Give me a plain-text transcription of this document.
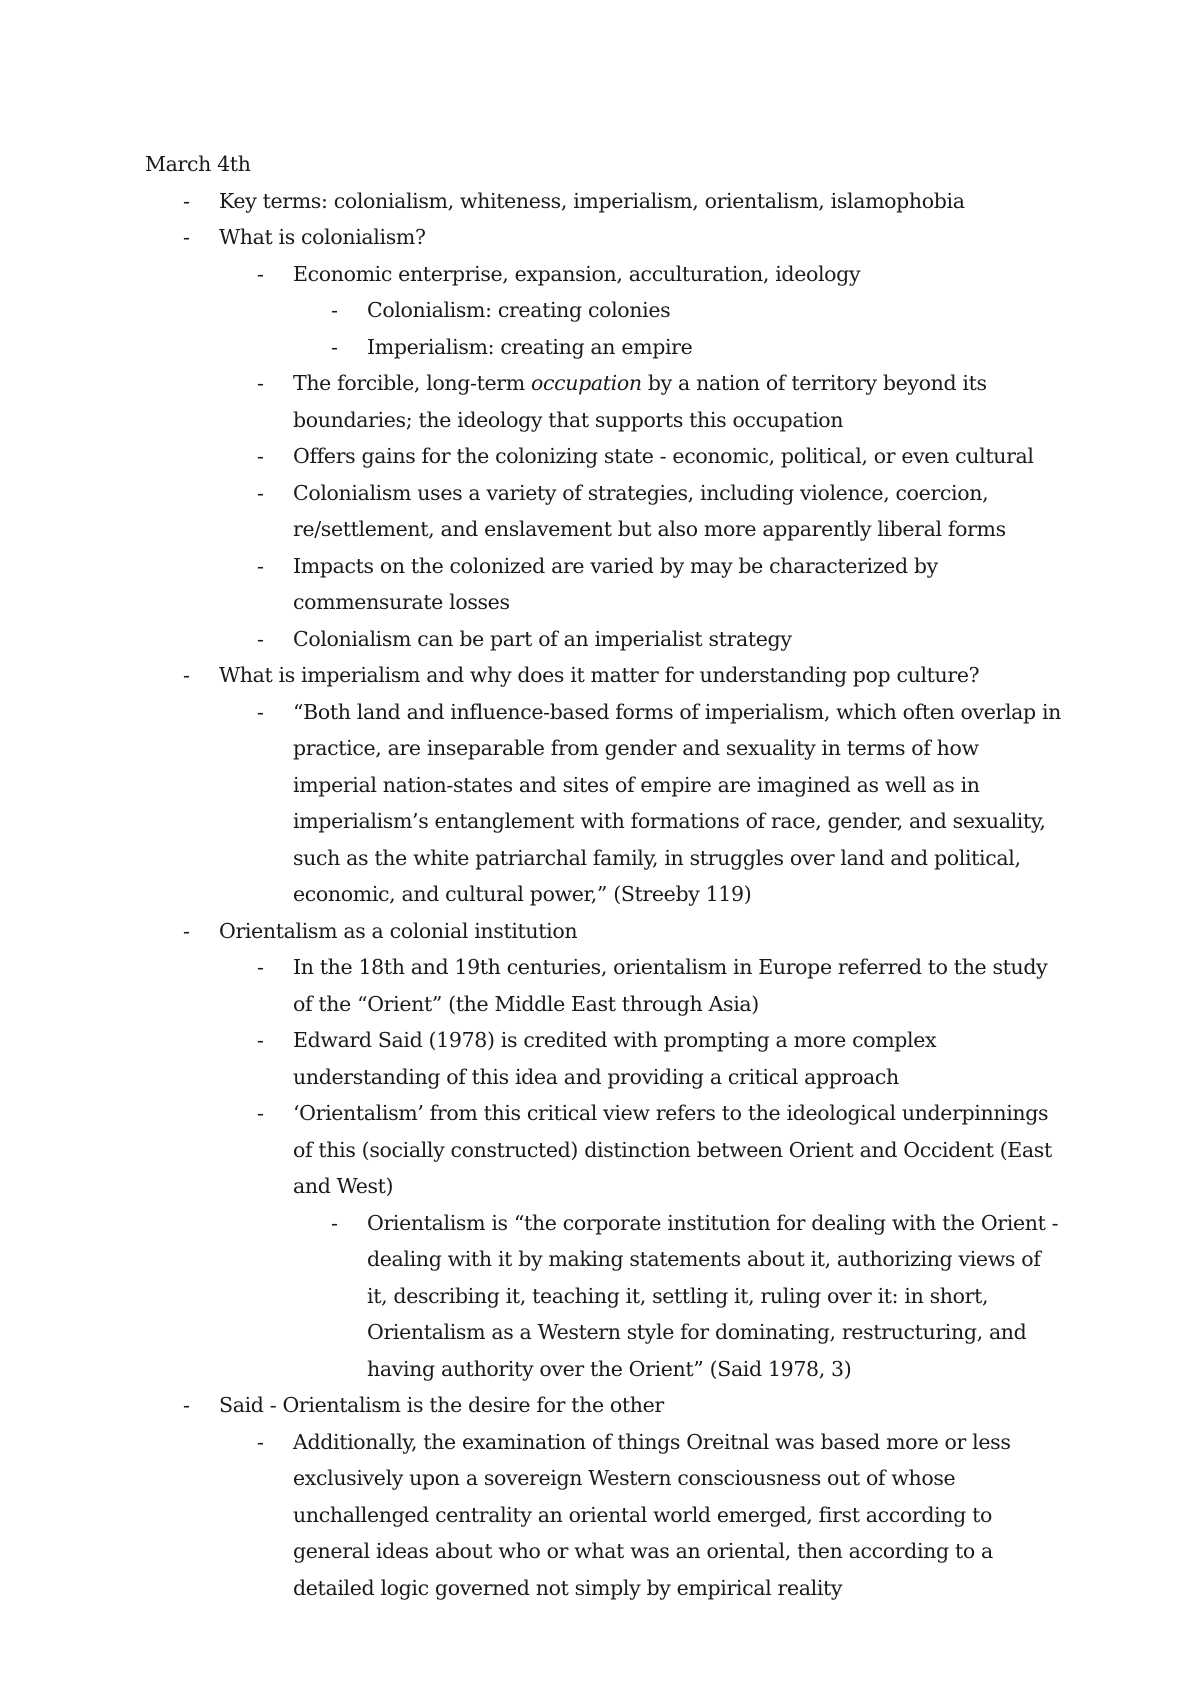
March 4th

-	Key terms: colonialism, whiteness, imperialism, orientalism, islamophobia
-	What is colonialism?
-	Economic enterprise, expansion, acculturation, ideology
-	Colonialism: creating colonies
-	Imperialism: creating an empire
-	The forcible, long-term occupation by a nation of territory beyond its boundaries; the ideology that supports this occupation
-	Offers gains for the colonizing state - economic, political, or even cultural
-	Colonialism uses a variety of strategies, including violence, coercion, re/settlement, and enslavement but also more apparently liberal forms
-	Impacts on the colonized are varied by may be characterized by commensurate losses
-	Colonialism can be part of an imperialist strategy
-	What is imperialism and why does it matter for understanding pop culture?
-	“Both land and influence-based forms of imperialism, which often overlap in practice, are inseparable from gender and sexuality in terms of how imperial nation-states and sites of empire are imagined as well as in imperialism’s entanglement with formations of race, gender, and sexuality, such as the white patriarchal family, in struggles over land and political, economic, and cultural power,” (Streeby 119)
-	Orientalism as a colonial institution
-	In the 18th and 19th centuries, orientalism in Europe referred to the study of the “Orient” (the Middle East through Asia)
-	Edward Said (1978) is credited with prompting a more complex understanding of this idea and providing a critical approach
-	‘Orientalism’ from this critical view refers to the ideological underpinnings of this (socially constructed) distinction between Orient and Occident (East and West)
-	Orientalism is “the corporate institution for dealing with the Orient - dealing with it by making statements about it, authorizing views of it, describing it, teaching it, settling it, ruling over it: in short, Orientalism as a Western style for dominating, restructuring, and having authority over the Orient” (Said 1978, 3)
-	Said - Orientalism is the desire for the other
-	Additionally, the examination of things Oreitnal was based more or less exclusively upon a sovereign Western consciousness out of whose unchallenged centrality an oriental world emerged, first according to general ideas about who or what was an oriental, then according to a detailed logic governed not simply by empirical reality
